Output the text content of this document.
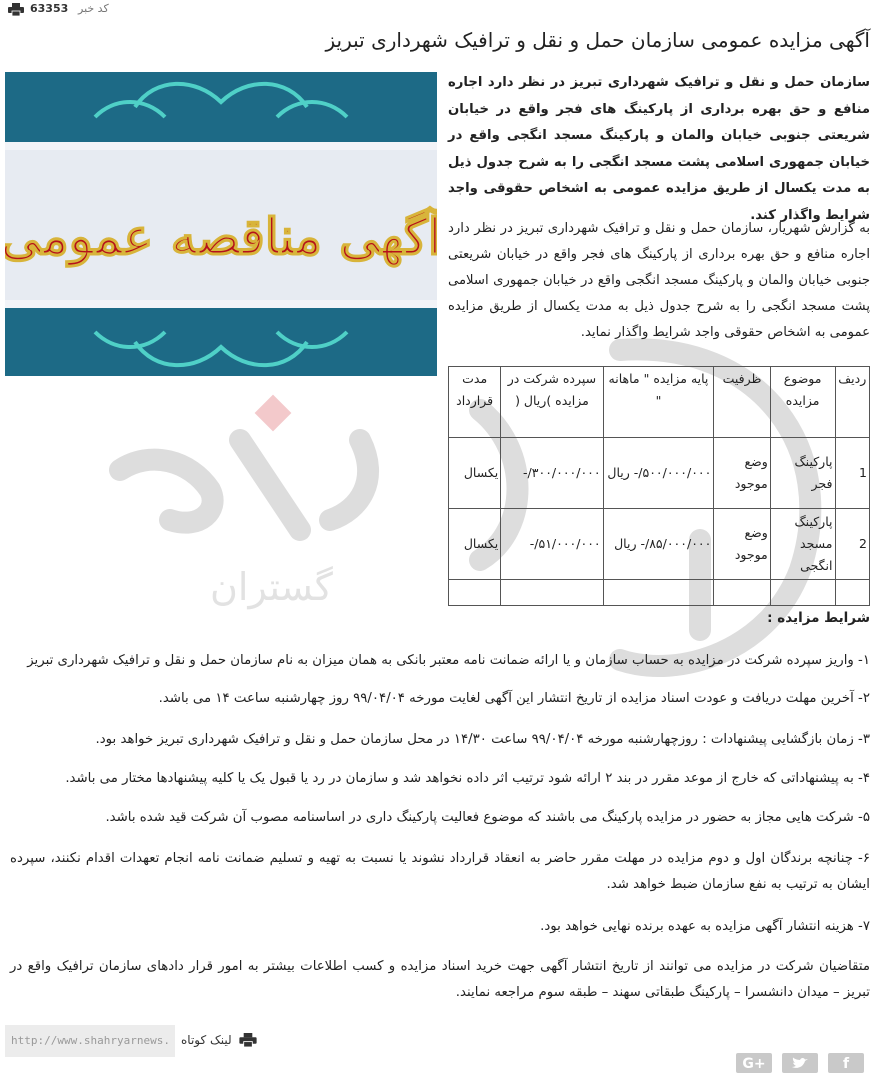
گستران
63353 کد خبر
آگهی مزایده عمومی سازمان حمل و نقل و ترافیک شهرداری تبریز
آگهی مناقصه عمومی

سازمان حمل و نقل و ترافیک شهرداری تبریز در نظر دارد اجاره منافع و حق بهره برداری از پارکینگ های فجر واقع در خیابان شریعتی جنوبی خیابان والمان و پارکینگ مسجد انگجی واقع در خیابان جمهوری اسلامی پشت مسجد انگجی را به شرح جدول ذیل به مدت یکسال از طریق مزایده عمومی به اشخاص حقوقی واجد شرایط واگذار کند.

به گزارش شهریار، سازمان حمل و نقل و ترافیک شهرداری تبریز در نظر دارد اجاره منافع و حق بهره برداری از پارکینگ های فجر واقع در خیابان شریعتی جنوبی خیابان والمان و پارکینگ مسجد انگجی واقع در خیابان جمهوری اسلامی پشت مسجد انگجی را به شرح جدول ذیل به مدت یکسال از طریق مزایده عمومی به اشخاص حقوقی واجد شرایط واگذار نماید.

ردیف	موضوع مزایده	ظرفیت	پایه مزایده " ماهانه "	سپرده شرکت در مزایده )ریال (	مدت قرارداد
1	پارکینگ فجر	وضع موجود	۵۰۰/۰۰۰/۰۰۰/- ریال	۳۰۰/۰۰۰/۰۰۰/-	یکسال
2	پارکینگ مسجد انگجی	وضع موجود	۸۵/۰۰۰/۰۰۰/- ریال	۵۱/۰۰۰/۰۰۰/-	یکسال

شرایط مزایده :

۱- واریز سپرده شرکت در مزایده به حساب سازمان و یا ارائه ضمانت نامه معتبر بانکی به همان میزان به نام سازمان حمل و نقل و ترافیک شهرداری تبریز

۲- آخرین مهلت دریافت و عودت اسناد مزایده از تاریخ انتشار این آگهی لغایت مورخه ۹۹/۰۴/۰۴ روز چهارشنبه ساعت ۱۴ می باشد.

۳- زمان بازگشایی پیشنهادات : روزچهارشنبه مورخه ۹۹/۰۴/۰۴ ساعت ۱۴/۳۰ در محل سازمان حمل و نقل و ترافیک شهرداری تبریز خواهد بود.

۴- به پیشنهاداتی که خارج از موعد مقرر در بند ۲ ارائه شود ترتیب اثر داده نخواهد شد و سازمان در رد یا قبول یک یا کلیه پیشنهادها مختار می باشد.

۵- شرکت هایی مجاز به حضور در مزایده پارکینگ می باشند که موضوع فعالیت پارکینگ داری در اساسنامه مصوب آن شرکت قید شده باشد.

۶- چنانچه برندگان اول و دوم مزایده در مهلت مقرر حاضر به انعقاد قرارداد نشوند یا نسبت به تهیه و تسلیم ضمانت نامه انجام تعهدات اقدام نکنند، سپرده ایشان به ترتیب به نفع سازمان ضبط خواهد شد.

۷- هزینه انتشار آگهی مزایده به عهده برنده نهایی خواهد بود.

متقاضیان شرکت در مزایده می توانند از تاریخ انتشار آگهی جهت خرید اسناد مزایده و کسب اطلاعات بیشتر به امور قرار دادهای سازمان ترافیک واقع در تبریز – میدان دانشسرا – پارکینگ طبقاتی سهند – طبقه سوم مراجعه نمایند.

http://www.shahryarnews.
لینک کوتاه
G+	f
